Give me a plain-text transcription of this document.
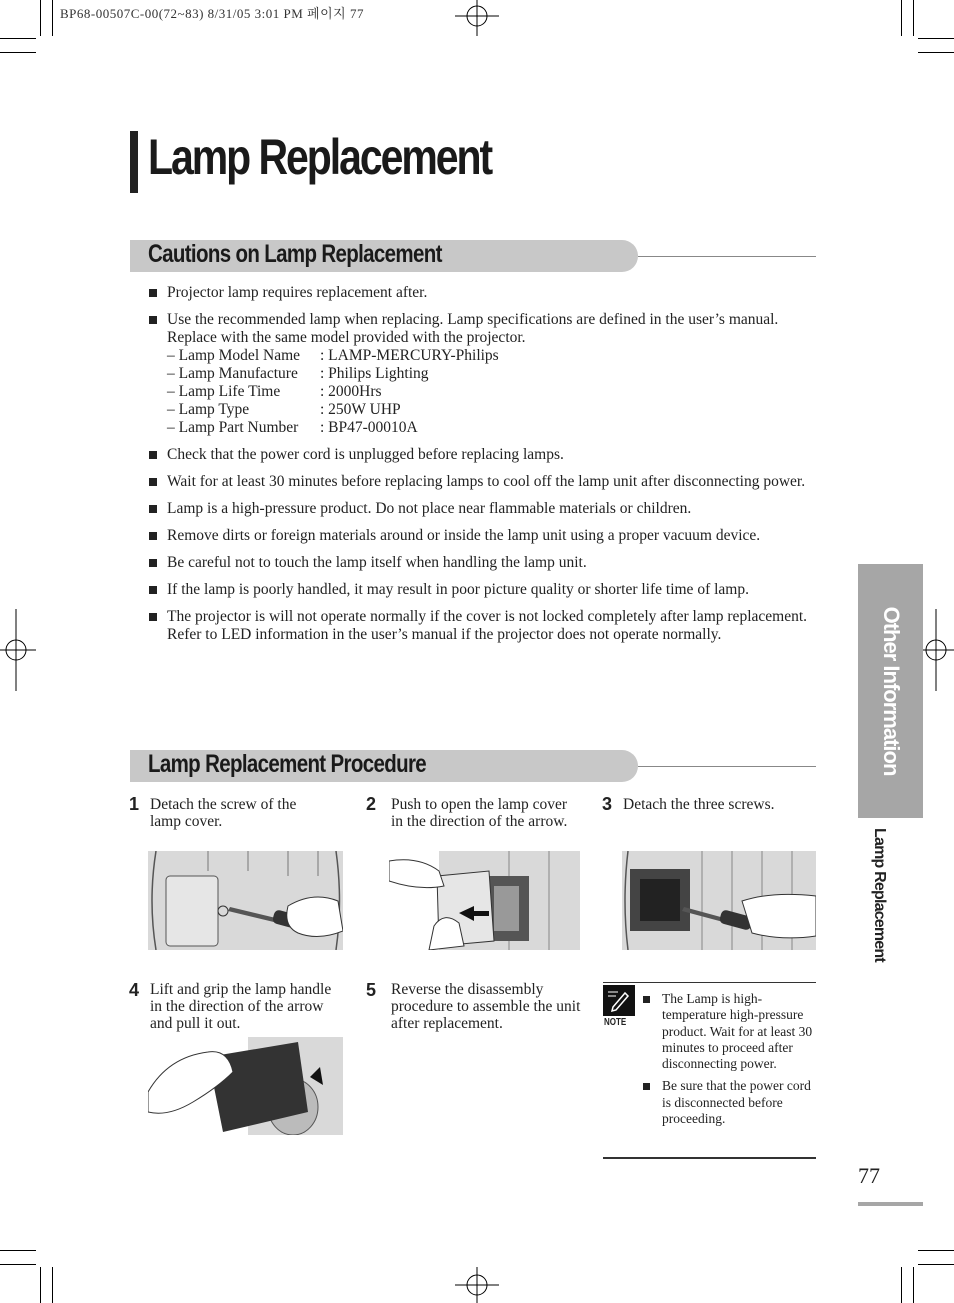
BP68-00507C-00(72~83) 8/31/05 3:01 PM 페이지 77
Lamp Replacement
Cautions on Lamp Replacement
Projector lamp requires replacement after.
Use the recommended lamp when replacing. Lamp specifications are defined in the user’s manual. Replace with the same model provided with the projector.
– Lamp Model Name	: LAMP-MERCURY-Philips
– Lamp Manufacture	: Philips Lighting
– Lamp Life Time	: 2000Hrs
– Lamp Type	: 250W UHP
– Lamp Part Number	: BP47-00010A
Check that the power cord is unplugged before replacing lamps.
Wait for at least 30 minutes before replacing lamps to cool off the lamp unit after disconnecting power.
Lamp is a high-pressure product. Do not place near flammable materials or children.
Remove dirts or foreign materials around or inside the lamp unit using a proper vacuum device.
Be careful not to touch the lamp itself when handling the lamp unit.
If the lamp is poorly handled, it may result in poor picture quality or shorter life time of lamp.
The projector is will not operate normally if the cover is not locked completely after lamp replacement. Refer to LED information in the user’s manual if the projector does not operate normally.
Lamp Replacement Procedure
1 Detach the screw of the lamp cover.
2 Push to open the lamp cover in the direction of the arrow.
3 Detach the three screws.
4 Lift and grip the lamp handle in the direction of the arrow and pull it out.
5 Reverse the disassembly procedure to assemble the unit after replacement.	NOTE
The Lamp is high-temperature high-pressure product. Wait for at least 30 minutes to proceed after disconnecting power.
Be sure that the power cord is disconnected before proceeding.
Other Information
Lamp Replacement
77
